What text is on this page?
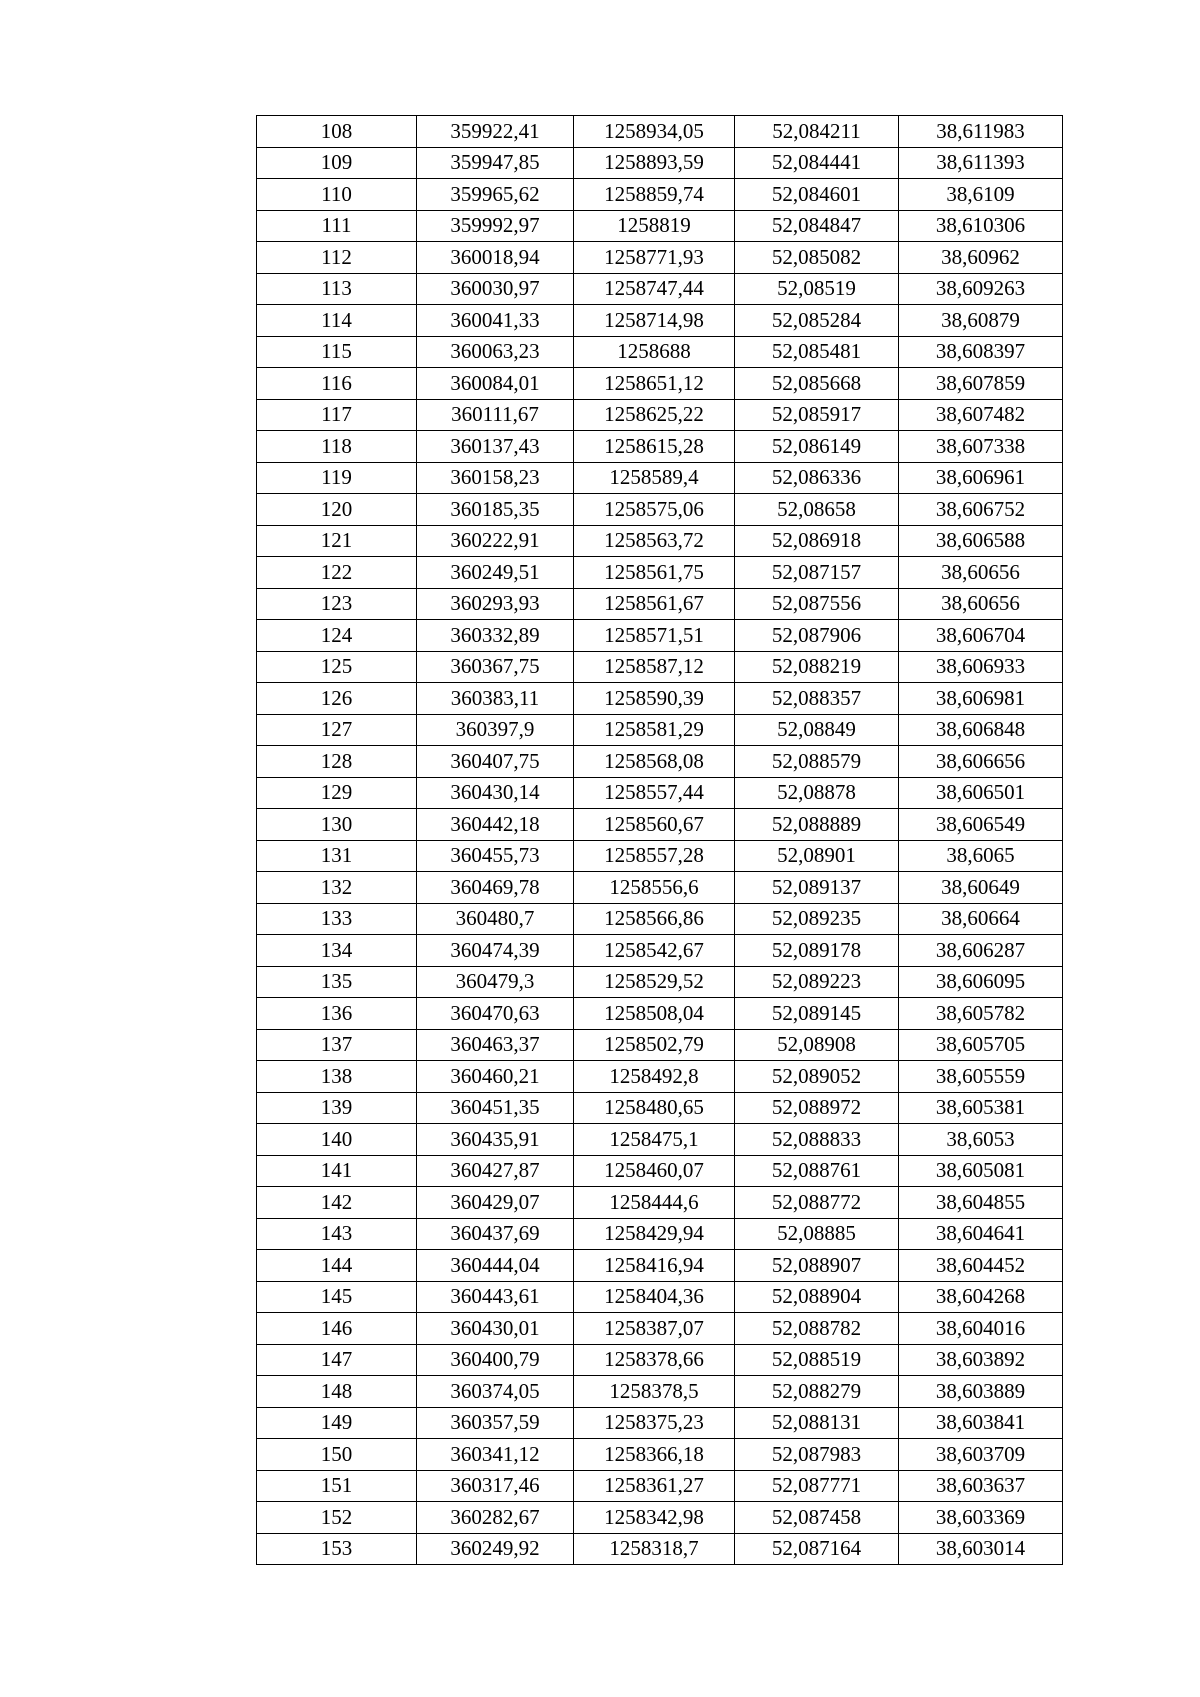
108	359922,41	1258934,05	52,084211	38,611983
109	359947,85	1258893,59	52,084441	38,611393
110	359965,62	1258859,74	52,084601	38,6109
111	359992,97	1258819	52,084847	38,610306
112	360018,94	1258771,93	52,085082	38,60962
113	360030,97	1258747,44	52,08519	38,609263
114	360041,33	1258714,98	52,085284	38,60879
115	360063,23	1258688	52,085481	38,608397
116	360084,01	1258651,12	52,085668	38,607859
117	360111,67	1258625,22	52,085917	38,607482
118	360137,43	1258615,28	52,086149	38,607338
119	360158,23	1258589,4	52,086336	38,606961
120	360185,35	1258575,06	52,08658	38,606752
121	360222,91	1258563,72	52,086918	38,606588
122	360249,51	1258561,75	52,087157	38,60656
123	360293,93	1258561,67	52,087556	38,60656
124	360332,89	1258571,51	52,087906	38,606704
125	360367,75	1258587,12	52,088219	38,606933
126	360383,11	1258590,39	52,088357	38,606981
127	360397,9	1258581,29	52,08849	38,606848
128	360407,75	1258568,08	52,088579	38,606656
129	360430,14	1258557,44	52,08878	38,606501
130	360442,18	1258560,67	52,088889	38,606549
131	360455,73	1258557,28	52,08901	38,6065
132	360469,78	1258556,6	52,089137	38,60649
133	360480,7	1258566,86	52,089235	38,60664
134	360474,39	1258542,67	52,089178	38,606287
135	360479,3	1258529,52	52,089223	38,606095
136	360470,63	1258508,04	52,089145	38,605782
137	360463,37	1258502,79	52,08908	38,605705
138	360460,21	1258492,8	52,089052	38,605559
139	360451,35	1258480,65	52,088972	38,605381
140	360435,91	1258475,1	52,088833	38,6053
141	360427,87	1258460,07	52,088761	38,605081
142	360429,07	1258444,6	52,088772	38,604855
143	360437,69	1258429,94	52,08885	38,604641
144	360444,04	1258416,94	52,088907	38,604452
145	360443,61	1258404,36	52,088904	38,604268
146	360430,01	1258387,07	52,088782	38,604016
147	360400,79	1258378,66	52,088519	38,603892
148	360374,05	1258378,5	52,088279	38,603889
149	360357,59	1258375,23	52,088131	38,603841
150	360341,12	1258366,18	52,087983	38,603709
151	360317,46	1258361,27	52,087771	38,603637
152	360282,67	1258342,98	52,087458	38,603369
153	360249,92	1258318,7	52,087164	38,603014
